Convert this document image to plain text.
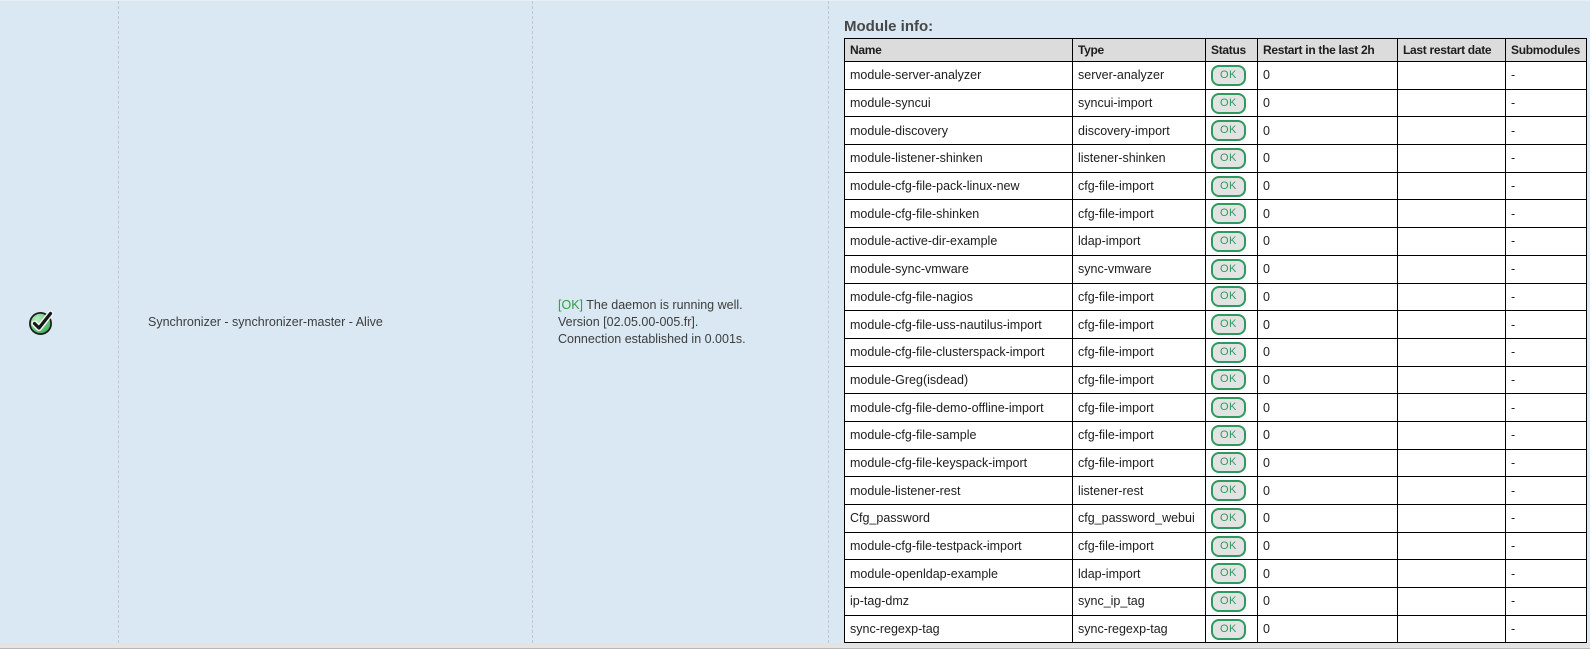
Synchronizer - synchronizer-master - Alive
[OK] The daemon is running well.
Version [02.05.00-005.fr].
Connection established in 0.001s.
Module info:
Name	Type	Status	Restart in the last 2h	Last restart date	Submodules
module-server-analyzer	server-analyzer	OK	0		-
module-syncui	syncui-import	OK	0		-
module-discovery	discovery-import	OK	0		-
module-listener-shinken	listener-shinken	OK	0		-
module-cfg-file-pack-linux-new	cfg-file-import	OK	0		-
module-cfg-file-shinken	cfg-file-import	OK	0		-
module-active-dir-example	ldap-import	OK	0		-
module-sync-vmware	sync-vmware	OK	0		-
module-cfg-file-nagios	cfg-file-import	OK	0		-
module-cfg-file-uss-nautilus-import	cfg-file-import	OK	0		-
module-cfg-file-clusterspack-import	cfg-file-import	OK	0		-
module-Greg(isdead)	cfg-file-import	OK	0		-
module-cfg-file-demo-offline-import	cfg-file-import	OK	0		-
module-cfg-file-sample	cfg-file-import	OK	0		-
module-cfg-file-keyspack-import	cfg-file-import	OK	0		-
module-listener-rest	listener-rest	OK	0		-
Cfg_password	cfg_password_webui	OK	0		-
module-cfg-file-testpack-import	cfg-file-import	OK	0		-
module-openldap-example	ldap-import	OK	0		-
ip-tag-dmz	sync_ip_tag	OK	0		-
sync-regexp-tag	sync-regexp-tag	OK	0		-
